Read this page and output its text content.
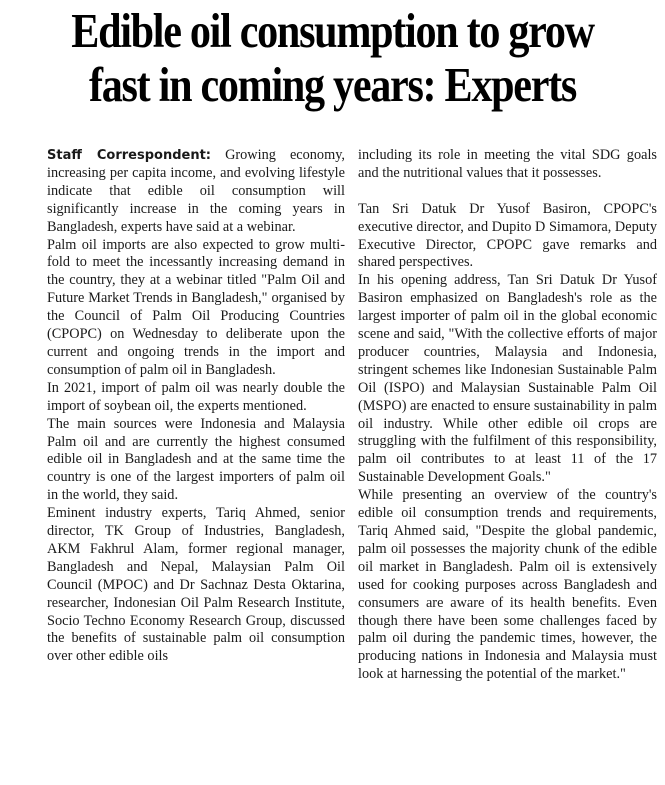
Edible oil consumption to grow
fast in coming years: Experts

Staff Correspondent: Growing economy, increasing per capita income, and evolving lifestyle indicate that edible oil consumption will significantly increase in the coming years in Bangladesh, experts have said at a webinar.

Palm oil imports are also expected to grow multi-fold to meet the incessantly increasing demand in the country, they at a webinar titled "Palm Oil and Future Market Trends in Bangladesh," organised by the Council of Palm Oil Producing Countries (CPOPC) on Wednesday to deliberate upon the current and ongoing trends in the import and consumption of palm oil in Bangladesh.

In 2021, import of palm oil was nearly double the import of soybean oil, the experts mentioned.

The main sources were Indonesia and Malaysia Palm oil and are currently the highest consumed edible oil in Bangladesh and at the same time the country is one of the largest importers of palm oil in the world, they said.

Eminent industry experts, Tariq Ahmed, senior director, TK Group of Industries, Bangladesh, AKM Fakhrul Alam, former regional manager, Bangladesh and Nepal, Malaysian Palm Oil Council (MPOC) and Dr Sachnaz Desta Oktarina, researcher, Indonesian Oil Palm Research Institute, Socio Techno Economy Research Group, discussed the benefits of sustainable palm oil consumption over other edible oils

including its role in meeting the vital SDG goals and the nutritional values that it possesses.

Tan Sri Datuk Dr Yusof Basiron, CPOPC's executive director, and Dupito D Simamora, Deputy Executive Director, CPOPC gave remarks and shared perspectives.

In his opening address, Tan Sri Datuk Dr Yusof Basiron emphasized on Bangladesh's role as the largest importer of palm oil in the global economic scene and said, "With the collective efforts of major producer countries, Malaysia and Indonesia, stringent schemes like Indonesian Sustainable Palm Oil (ISPO) and Malaysian Sustainable Palm Oil (MSPO) are enacted to ensure sustainability in palm oil industry. While other edible oil crops are struggling with the fulfilment of this responsibility, palm oil contributes to at least 11 of the 17 Sustainable Development Goals."

While presenting an overview of the country's edible oil consumption trends and requirements, Tariq Ahmed said, "Despite the global pandemic, palm oil possesses the majority chunk of the edible oil market in Bangladesh. Palm oil is extensively used for cooking purposes across Bangladesh and consumers are aware of its health benefits. Even though there have been some challenges faced by palm oil during the pandemic times, however, the producing nations in Indonesia and Malaysia must look at harnessing the potential of the market."
